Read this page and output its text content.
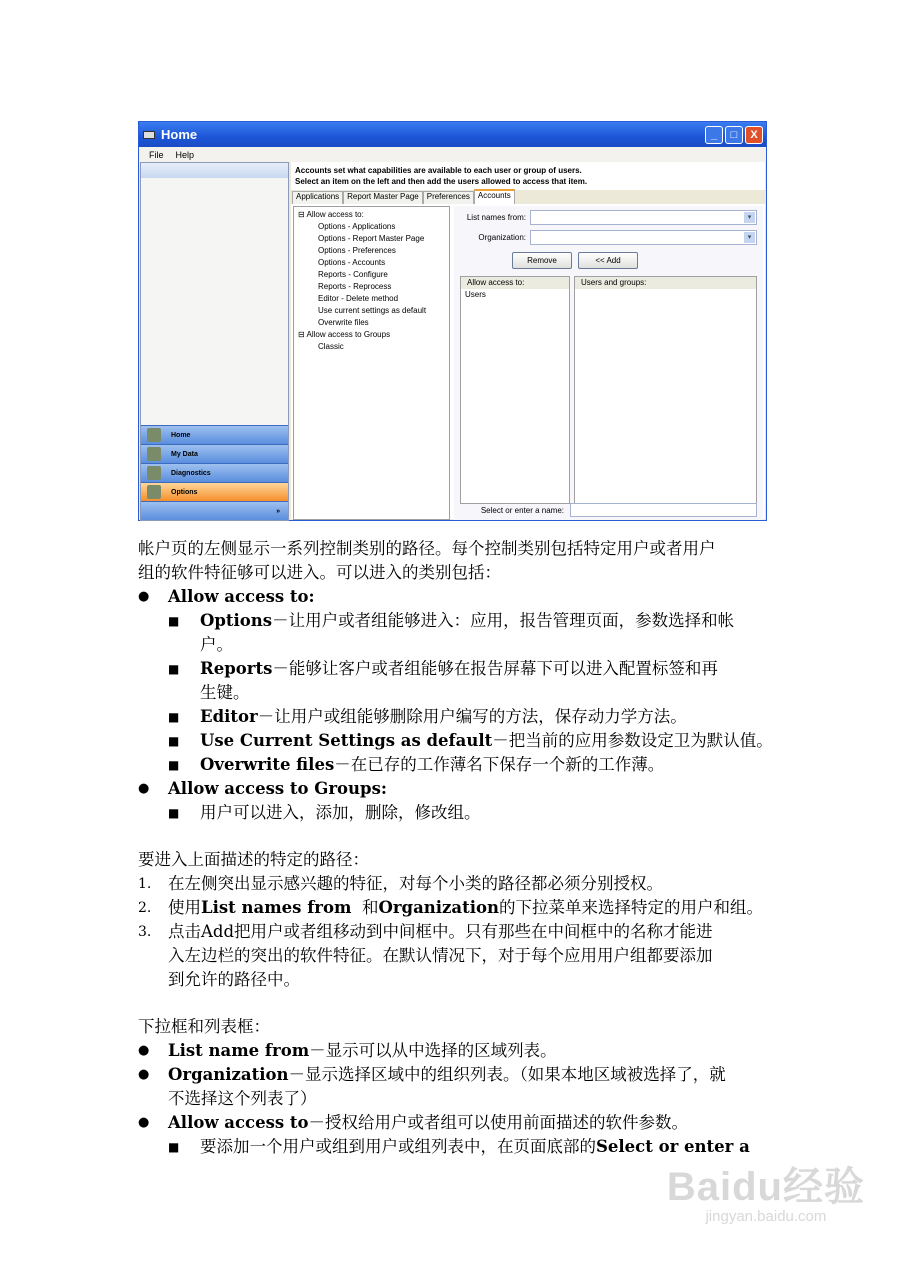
Home	_	□	X
File Help
Home
My Data
Diagnostics
Options
»
Accounts set what capabilities are available to each user or group of users.
Select an item on the left and then add the users allowed to access that item.
Applications	Report Master Page	Preferences	Accounts
⊟ Allow access to:
Options - Applications
Options - Report Master Page
Options - Preferences
Options - Accounts
Reports - Configure
Reports - Reprocess
Editor - Delete method
Use current settings as default
Overwrite files
⊟ Allow access to Groups
Classic
List names from:	▾
Organization:	▾
Remove	<< Add
Allow access to:
Users
Users and groups:
Select or enter a name:
帐户页的左侧显示一系列控制类别的路径。每个控制类别包括特定用户或者用户
组的软件特征够可以进入。可以进入的类别包括：
● Allow access to:
■ Options－让用户或者组能够进入：应用，报告管理页面，参数选择和帐
户。
■ Reports－能够让客户或者组能够在报告屏幕下可以进入配置标签和再
生键。
■ Editor－让用户或组能够删除用户编写的方法，保存动力学方法。
■ Use Current Settings as default－把当前的应用参数设定卫为默认值。
■ Overwrite files－在已存的工作薄名下保存一个新的工作薄。
● Allow access to Groups:
■ 用户可以进入，添加，删除，修改组。
要进入上面描述的特定的路径：
1. 在左侧突出显示感兴趣的特征，对每个小类的路径都必须分别授权。
2. 使用List names from  和Organization的下拉菜单来选择特定的用户和组。
3. 点击Add把用户或者组移动到中间框中。只有那些在中间框中的名称才能进
入左边栏的突出的软件特征。在默认情况下，对于每个应用用户组都要添加
到允许的路径中。
下拉框和列表框：
● List name from－显示可以从中选择的区域列表。
● Organization－显示选择区域中的组织列表。（如果本地区域被选择了，就
不选择这个列表了）
● Allow access to－授权给用户或者组可以使用前面描述的软件参数。
■ 要添加一个用户或组到用户或组列表中，在页面底部的Select or enter a
Baidu经验
jingyan.baidu.com
